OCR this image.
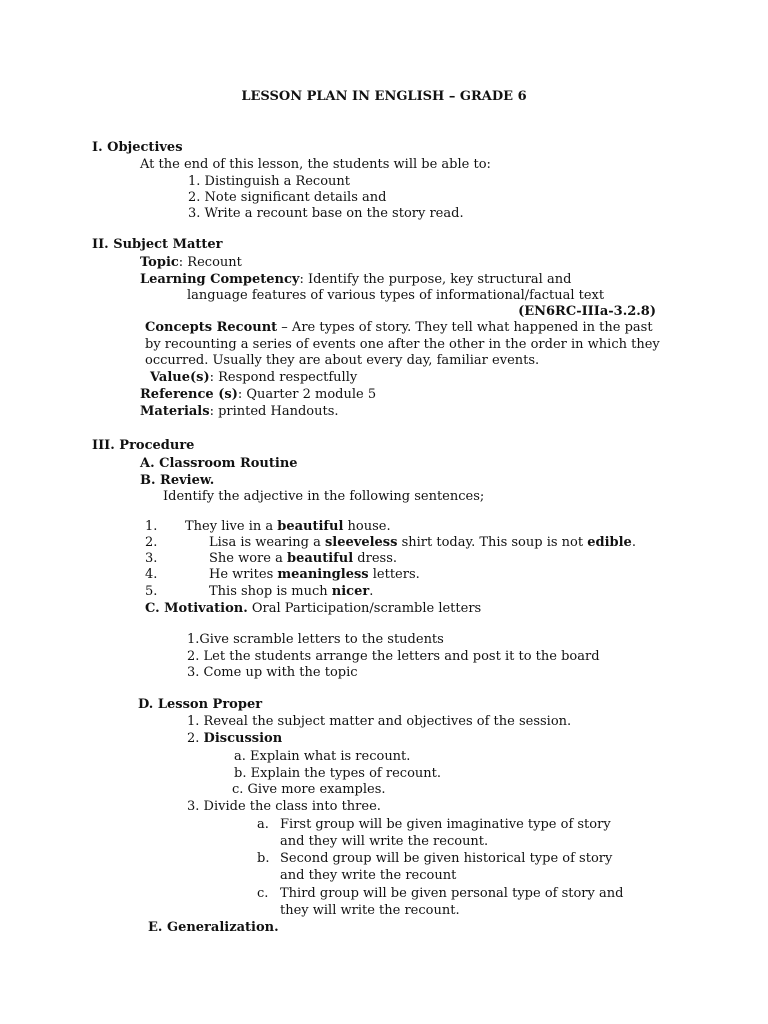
LESSON PLAN IN ENGLISH – GRADE 6
I. Objectives
At the end of this lesson, the students will be able to:
1. Distinguish a Recount
2. Note significant details and
3. Write a recount base on the story read.
II. Subject Matter
Topic: Recount
Learning Competency: Identify the purpose, key structural and
language features of various types of informational/factual text
(EN6RC-IIIa-3.2.8)
Concepts Recount – Are types of story. They tell what happened in the past
by recounting a series of events one after the other in the order in which they
occurred. Usually they are about every day, familiar events.
Value(s): Respond respectfully
Reference (s): Quarter 2 module 5
Materials: printed Handouts.
III. Procedure
A. Classroom Routine
B. Review.
Identify the adjective in the following sentences;
1. They live in a beautiful house.
2.	Lisa is wearing a sleeveless shirt today. This soup is not edible.
3.	She wore a beautiful dress.
4.	He writes meaningless letters.
5.	This shop is much nicer.
C. Motivation. Oral Participation/scramble letters
1.Give scramble letters to the students
2. Let the students arrange the letters and post it to the board
3. Come up with the topic
D. Lesson Proper
1. Reveal the subject matter and objectives of the session.
2. Discussion
a. Explain what is recount.
b. Explain the types of recount.
c. Give more examples.
3. Divide the class into three.
a. First group will be given imaginative type of story
and they will write the recount.
b. Second group will be given historical type of story
and they write the recount
c. Third group will be given personal type of story and
they will write the recount.
E. Generalization.
